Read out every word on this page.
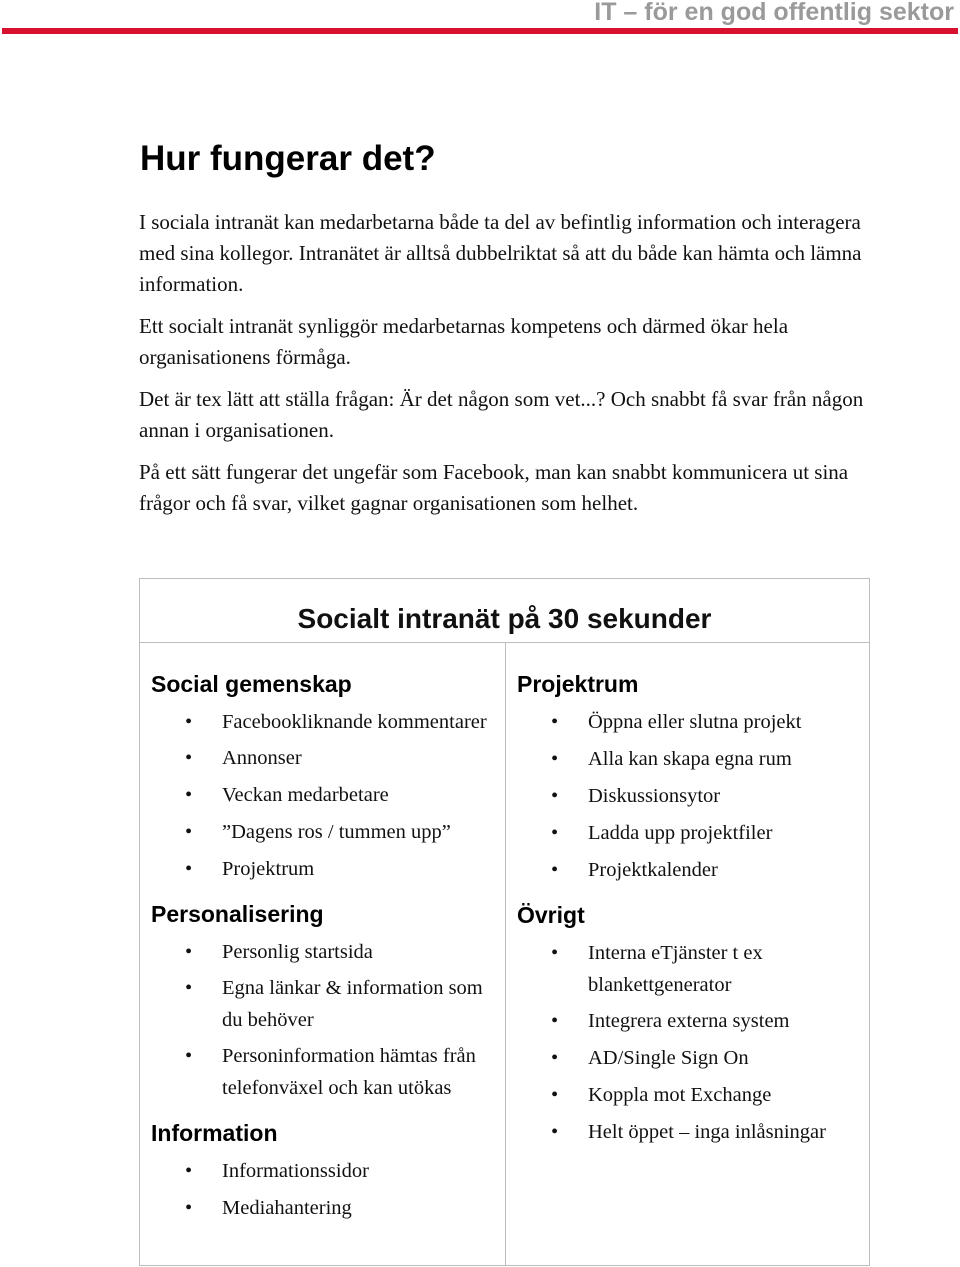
IT – för en god offentlig sektor
Hur fungerar det?

I sociala intranät kan medarbetarna både ta del av befintlig information och interagera med sina kollegor. Intranätet är alltså dubbelriktat så att du både kan hämta och lämna information.

Ett socialt intranät synliggör medarbetarnas kompetens och därmed ökar hela organisationens förmåga.

Det är tex lätt att ställa frågan: Är det någon som vet...? Och snabbt få svar från någon annan i organisationen.

På ett sätt fungerar det ungefär som Facebook, man kan snabbt kommunicera ut sina frågor och få svar, vilket gagnar organisationen som helhet.

Socialt intranät på 30 sekunder
Social gemenskap
• Facebookliknande kommentarer
• Annonser
• Veckan medarbetare
• ”Dagens ros / tummen upp”
• Projektrum
Personalisering
• Personlig startsida
• Egna länkar & information som du behöver
• Personinformation hämtas från telefonväxel och kan utökas
Information
• Informationssidor
• Mediahantering
Projektrum
• Öppna eller slutna projekt
• Alla kan skapa egna rum
• Diskussionsytor
• Ladda upp projektfiler
• Projektkalender
Övrigt
• Interna eTjänster t ex blankettgenerator
• Integrera externa system
• AD/Single Sign On
• Koppla mot Exchange
• Helt öppet – inga inlåsningar
